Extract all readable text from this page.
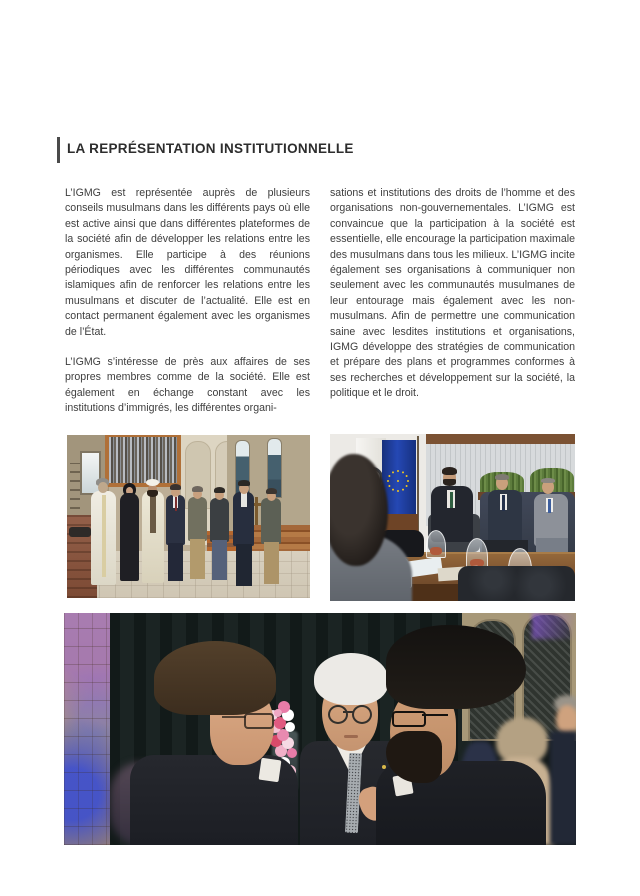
LA REPRÉSENTATION INSTITUTIONNELLE

L’IGMG est représentée auprès de plusieurs conseils musulmans dans les différents pays où elle est active ainsi que dans différentes plateformes de la société afin de développer les relations entre les organismes. Elle participe à des réunions périodiques avec les différentes communautés islamiques afin de renforcer les relations entre les musulmans et discuter de l’actualité. Elle est en contact permanent également avec les organismes de l’État.

L’IGMG s’intéresse de près aux affaires de ses propres membres comme de la société. Elle est également en échange constant avec les institutions d’immigrés, les différentes organi-

sations et institutions des droits de l’homme et des organisations non-gouvernementales. L’IGMG est convaincue que la participation à la société est essentielle, elle encourage la participation maximale des musulmans dans tous les milieux. L’IGMG incite également ses organisations à communiquer non seulement avec les communautés musulmanes de leur entourage mais également avec les non-musulmans. Afin de permettre une communication saine avec lesdites institutions et organisations, IGMG développe des stratégies de communication et prépare des plans et programmes conformes à ses recherches et développement sur la société, la politique et le droit.
